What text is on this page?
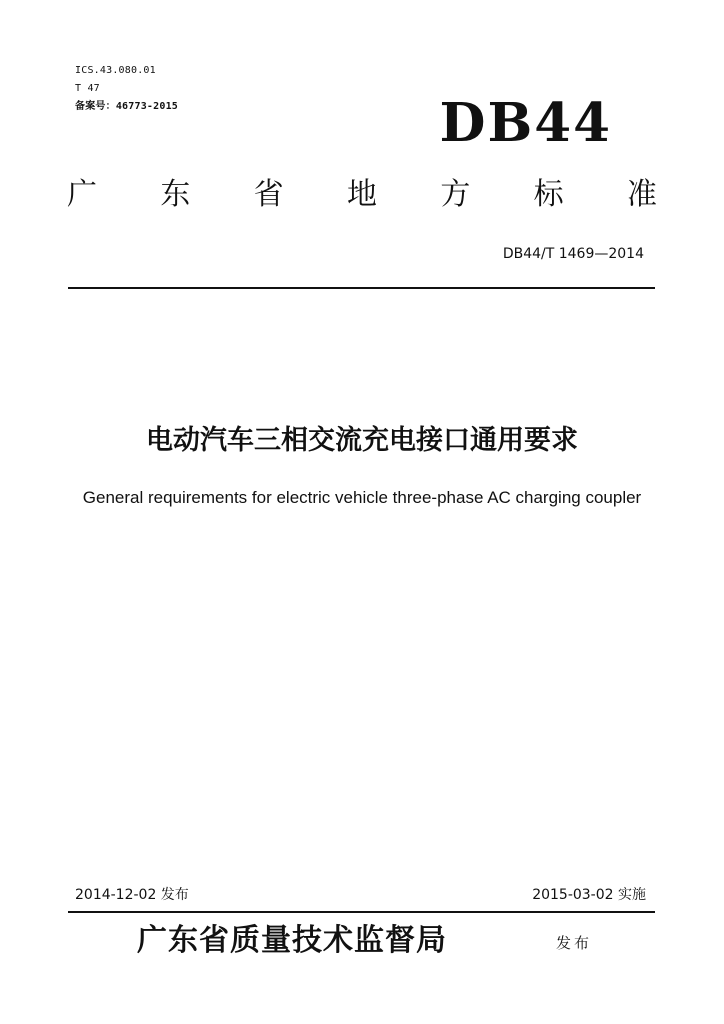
ICS.43.080.01
T 47
备案号：46773-2015	DB44
广 东 省 地 方 标 准
DB44/T 1469—2014
电动汽车三相交流充电接口通用要求
General requirements for electric vehicle three-phase AC charging coupler
2014-12-02 发布	2015-03-02 实施
广东省质量技术监督局	发布
